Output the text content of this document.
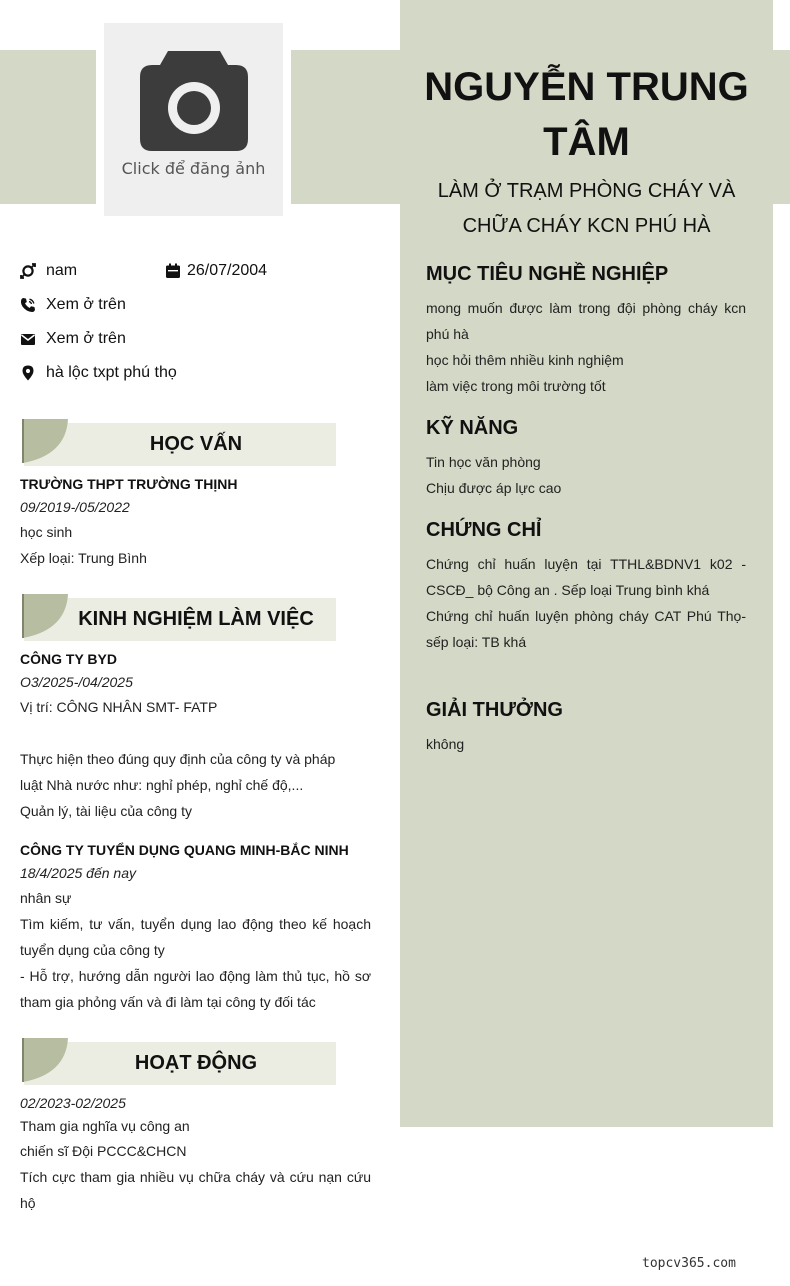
Click để đăng ảnh
NGUYỄN TRUNG TÂM
LÀM Ở TRẠM PHÒNG CHÁY VÀ CHỮA CHÁY KCN PHÚ HÀ
nam	26/07/2004
Xem ở trên
Xem ở trên
hà lộc txpt phú thọ
HỌC VẤN
TRƯỜNG THPT TRƯỜNG THỊNH
09/2019-/05/2022
học sinh
Xếp loại: Trung Bình
KINH NGHIỆM LÀM VIỆC
CÔNG TY BYD
O3/2025-/04/2025
Vị trí: CÔNG NHÂN SMT- FATP
Thực hiện theo đúng quy định của công ty và pháp luật Nhà nước như: nghỉ phép, nghỉ chế độ,... Quản lý, tài liệu của công ty
CÔNG TY TUYỂN DỤNG QUANG MINH-BẮC NINH
18/4/2025 đến nay
nhân sự
Tìm kiếm, tư vấn, tuyển dụng lao động theo kế hoạch tuyển dụng của công ty
- Hỗ trợ, hướng dẫn người lao động làm thủ tục, hồ sơ tham gia phỏng vấn và đi làm tại công ty đối tác
HOẠT ĐỘNG
02/2023-02/2025
Tham gia nghĩa vụ công an
chiến sĩ Đội PCCC&CHCN
Tích cực tham gia nhiều vụ chữa cháy và cứu nạn cứu hộ
MỤC TIÊU NGHỀ NGHIỆP
mong muốn được làm trong đội phòng cháy kcn phú hà
học hỏi thêm nhiều kinh nghiệm
làm việc trong môi trường tốt
KỸ NĂNG
Tin học văn phòng
Chịu được áp lực cao
CHỨNG CHỈ
Chứng chỉ huấn luyện tại TTHL&BDNV1 k02 - CSCĐ_ bộ Công an . Sếp loại Trung bình khá
Chứng chỉ huấn luyện phòng cháy CAT Phú Thọ- sếp loại: TB khá
GIẢI THƯỞNG
không
topcv365.com
